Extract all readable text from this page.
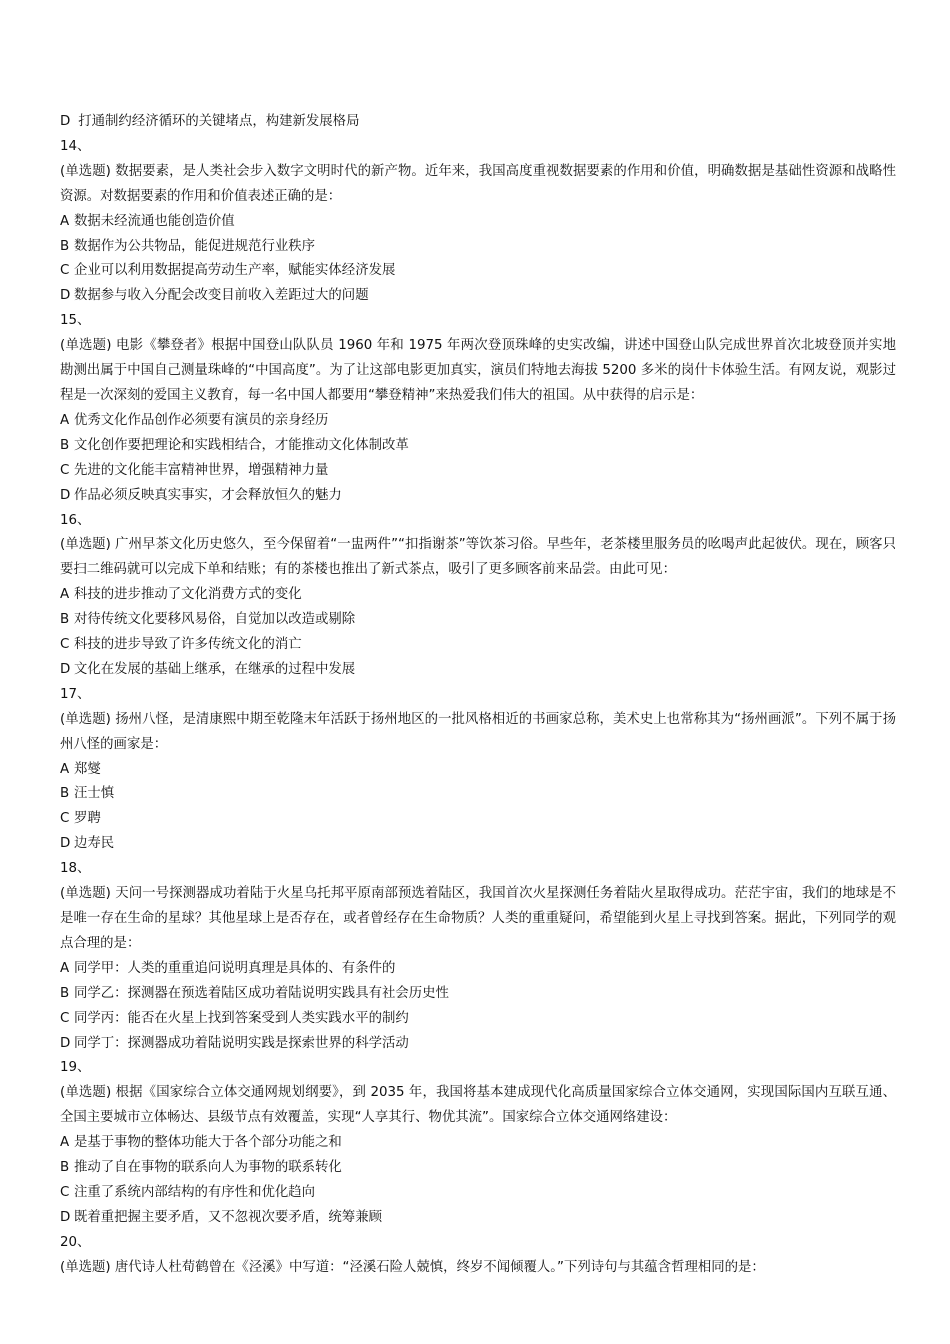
D 打通制约经济循环的关键堵点，构建新发展格局
14、
(单选题) 数据要素，是人类社会步入数字文明时代的新产物。近年来，我国高度重视数据要素的作用和价值，明确数据是基础性资源和战略性资源。对数据要素的作用和价值表述正确的是：
A 数据未经流通也能创造价值
B 数据作为公共物品，能促进规范行业秩序
C 企业可以利用数据提高劳动生产率，赋能实体经济发展
D 数据参与收入分配会改变目前收入差距过大的问题
15、
(单选题) 电影《攀登者》根据中国登山队队员 1960 年和 1975 年两次登顶珠峰的史实改编，讲述中国登山队完成世界首次北坡登顶并实地勘测出属于中国自己测量珠峰的“中国高度”。为了让这部电影更加真实，演员们特地去海拔 5200 多米的岗什卡体验生活。有网友说，观影过程是一次深刻的爱国主义教育，每一名中国人都要用“攀登精神”来热爱我们伟大的祖国。从中获得的启示是：
A 优秀文化作品创作必须要有演员的亲身经历
B 文化创作要把理论和实践相结合，才能推动文化体制改革
C 先进的文化能丰富精神世界，增强精神力量
D 作品必须反映真实事实，才会释放恒久的魅力
16、
(单选题) 广州早茶文化历史悠久，至今保留着“一盅两件”“扣指谢茶”等饮茶习俗。早些年，老茶楼里服务员的吆喝声此起彼伏。现在，顾客只要扫二维码就可以完成下单和结账；有的茶楼也推出了新式茶点，吸引了更多顾客前来品尝。由此可见：
A 科技的进步推动了文化消费方式的变化
B 对待传统文化要移风易俗，自觉加以改造或剔除
C 科技的进步导致了许多传统文化的消亡
D 文化在发展的基础上继承，在继承的过程中发展
17、
(单选题) 扬州八怪，是清康熙中期至乾隆末年活跃于扬州地区的一批风格相近的书画家总称，美术史上也常称其为“扬州画派”。下列不属于扬州八怪的画家是：
A 郑燮
B 汪士慎
C 罗聘
D 边寿民
18、
(单选题) 天问一号探测器成功着陆于火星乌托邦平原南部预选着陆区，我国首次火星探测任务着陆火星取得成功。茫茫宇宙，我们的地球是不是唯一存在生命的星球？其他星球上是否存在，或者曾经存在生命物质？人类的重重疑问，希望能到火星上寻找到答案。据此，下列同学的观点合理的是：
A 同学甲：人类的重重追问说明真理是具体的、有条件的
B 同学乙：探测器在预选着陆区成功着陆说明实践具有社会历史性
C 同学丙：能否在火星上找到答案受到人类实践水平的制约
D 同学丁：探测器成功着陆说明实践是探索世界的科学活动
19、
(单选题) 根据《国家综合立体交通网规划纲要》，到 2035 年，我国将基本建成现代化高质量国家综合立体交通网，实现国际国内互联互通、全国主要城市立体畅达、县级节点有效覆盖，实现“人享其行、物优其流”。国家综合立体交通网络建设：
A 是基于事物的整体功能大于各个部分功能之和
B 推动了自在事物的联系向人为事物的联系转化
C 注重了系统内部结构的有序性和优化趋向
D 既着重把握主要矛盾，又不忽视次要矛盾，统筹兼顾
20、
(单选题) 唐代诗人杜荀鹤曾在《泾溪》中写道：“泾溪石险人兢慎，终岁不闻倾覆人。”下列诗句与其蕴含哲理相同的是：
